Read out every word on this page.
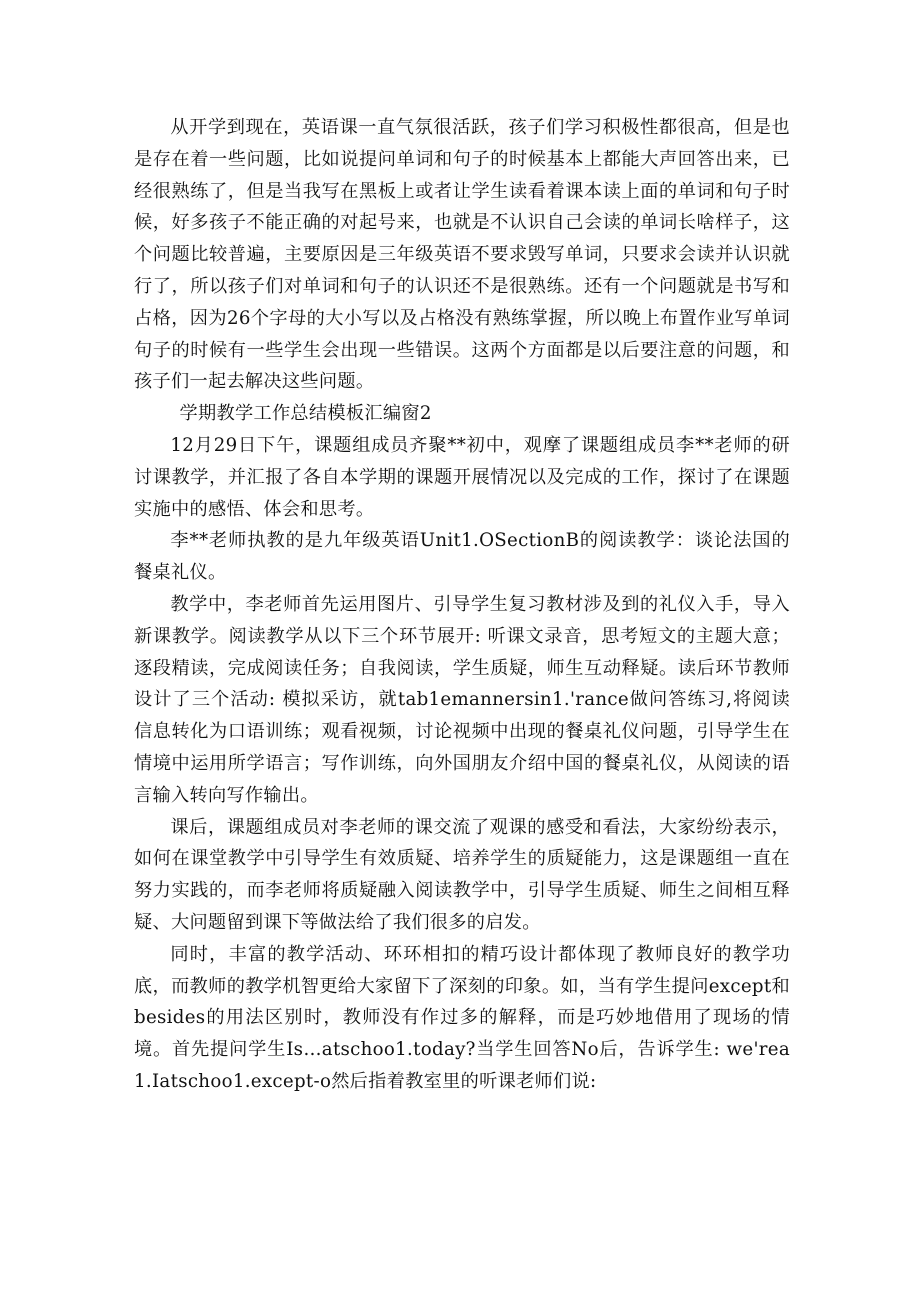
从开学到现在，英语课一直气氛很活跃，孩子们学习积极性都很高，但是也是存在着一些问题，比如说提问单词和句子的时候基本上都能大声回答出来，已经很熟练了，但是当我写在黑板上或者让学生读看着课本读上面的单词和句子时候，好多孩子不能正确的对起号来，也就是不认识自己会读的单词长啥样子，这个问题比较普遍，主要原因是三年级英语不要求毁写单词，只要求会读并认识就行了，所以孩子们对单词和句子的认识还不是很熟练。还有一个问题就是书写和占格，因为26个字母的大小写以及占格没有熟练掌握，所以晚上布置作业写单词句子的时候有一些学生会出现一些错误。这两个方面都是以后要注意的问题，和孩子们一起去解决这些问题。

学期教学工作总结模板汇编窗2

12月29日下午，课题组成员齐聚**初中，观摩了课题组成员李**老师的研讨课教学，并汇报了各自本学期的课题开展情况以及完成的工作，探讨了在课题实施中的感悟、体会和思考。

李**老师执教的是九年级英语Unit1.OSectionB的阅读教学：谈论法国的餐桌礼仪。

教学中，李老师首先运用图片、引导学生复习教材涉及到的礼仪入手，导入新课教学。阅读教学从以下三个环节展开: 听课文录音，思考短文的主题大意；逐段精读，完成阅读任务；自我阅读，学生质疑，师生互动释疑。读后环节教师设计了三个活动: 模拟采访，就tab1emannersin1.'rance做问答练习,将阅读信息转化为口语训练；观看视频，讨论视频中出现的餐桌礼仪问题，引导学生在情境中运用所学语言；写作训练，向外国朋友介绍中国的餐桌礼仪，从阅读的语言输入转向写作输出。

课后，课题组成员对李老师的课交流了观课的感受和看法，大家纷纷表示，如何在课堂教学中引导学生有效质疑、培养学生的质疑能力，这是课题组一直在努力实践的，而李老师将质疑融入阅读教学中，引导学生质疑、师生之间相互释疑、大问题留到课下等做法给了我们很多的启发。

同时，丰富的教学活动、环环相扣的精巧设计都体现了教师良好的教学功底，而教师的教学机智更给大家留下了深刻的印象。如，当有学生提问except和besides的用法区别时，教师没有作过多的解释，而是巧妙地借用了现场的情境。首先提问学生Is…atschoo1.today?当学生回答No后，告诉学生: we'rea1.Iatschoo1.except-o然后指着教室里的听课老师们说:
